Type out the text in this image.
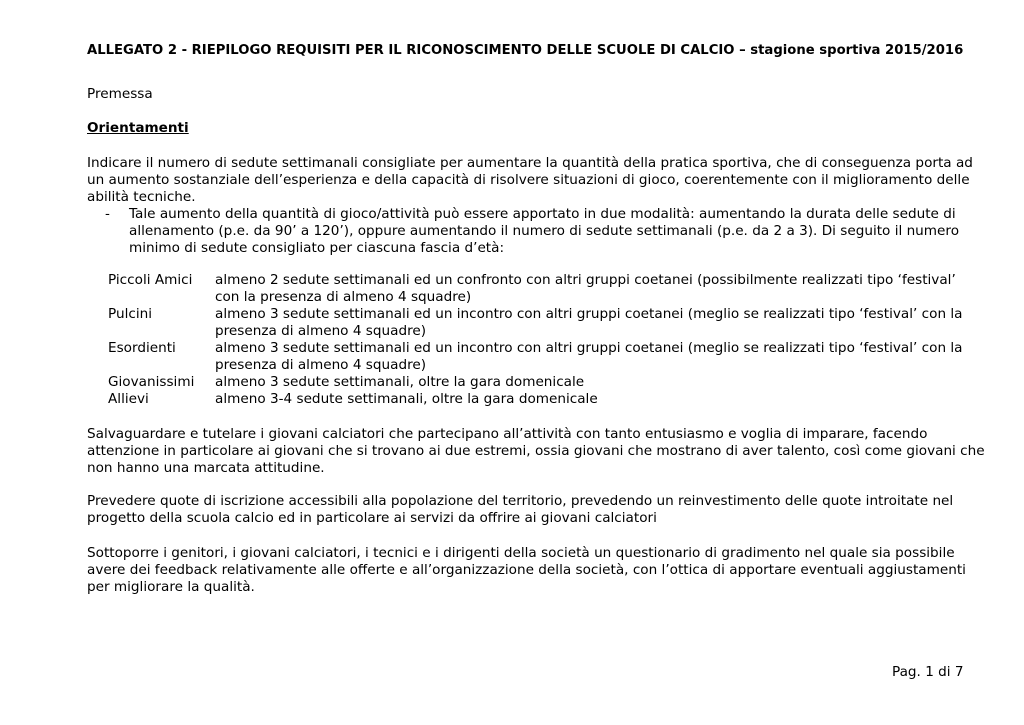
ALLEGATO 2 - RIEPILOGO REQUISITI PER IL RICONOSCIMENTO DELLE SCUOLE DI CALCIO – stagione sportiva 2015/2016
Premessa
Orientamenti
Indicare il numero di sedute settimanali consigliate per aumentare la quantità della pratica sportiva, che di conseguenza porta ad
un aumento sostanziale dell’esperienza e della capacità di risolvere situazioni di gioco, coerentemente con il miglioramento delle
abilità tecniche.
- Tale aumento della quantità di gioco/attività può essere apportato in due modalità: aumentando la durata delle sedute di
allenamento (p.e. da 90’ a 120’), oppure aumentando il numero di sedute settimanali (p.e. da 2 a 3). Di seguito il numero
minimo di sedute consigliato per ciascuna fascia d’età:
Piccoli Amici almeno 2 sedute settimanali ed un confronto con altri gruppi coetanei (possibilmente realizzati tipo ‘festival’
con la presenza di almeno 4 squadre)
Pulcini	almeno 3 sedute settimanali ed un incontro con altri gruppi coetanei (meglio se realizzati tipo ‘festival’ con la
presenza di almeno 4 squadre)
Esordienti	almeno 3 sedute settimanali ed un incontro con altri gruppi coetanei (meglio se realizzati tipo ‘festival’ con la
presenza di almeno 4 squadre)
Giovanissimi almeno 3 sedute settimanali, oltre la gara domenicale
Allievi	almeno 3-4 sedute settimanali, oltre la gara domenicale
Salvaguardare e tutelare i giovani calciatori che partecipano all’attività con tanto entusiasmo e voglia di imparare, facendo
attenzione in particolare ai giovani che si trovano ai due estremi, ossia giovani che mostrano di aver talento, così come giovani che
non hanno una marcata attitudine.
Prevedere quote di iscrizione accessibili alla popolazione del territorio, prevedendo un reinvestimento delle quote introitate nel
progetto della scuola calcio ed in particolare ai servizi da offrire ai giovani calciatori
Sottoporre i genitori, i giovani calciatori, i tecnici e i dirigenti della società un questionario di gradimento nel quale sia possibile
avere dei feedback relativamente alle offerte e all’organizzazione della società, con l’ottica di apportare eventuali aggiustamenti
per migliorare la qualità.
Pag. 1 di 7
